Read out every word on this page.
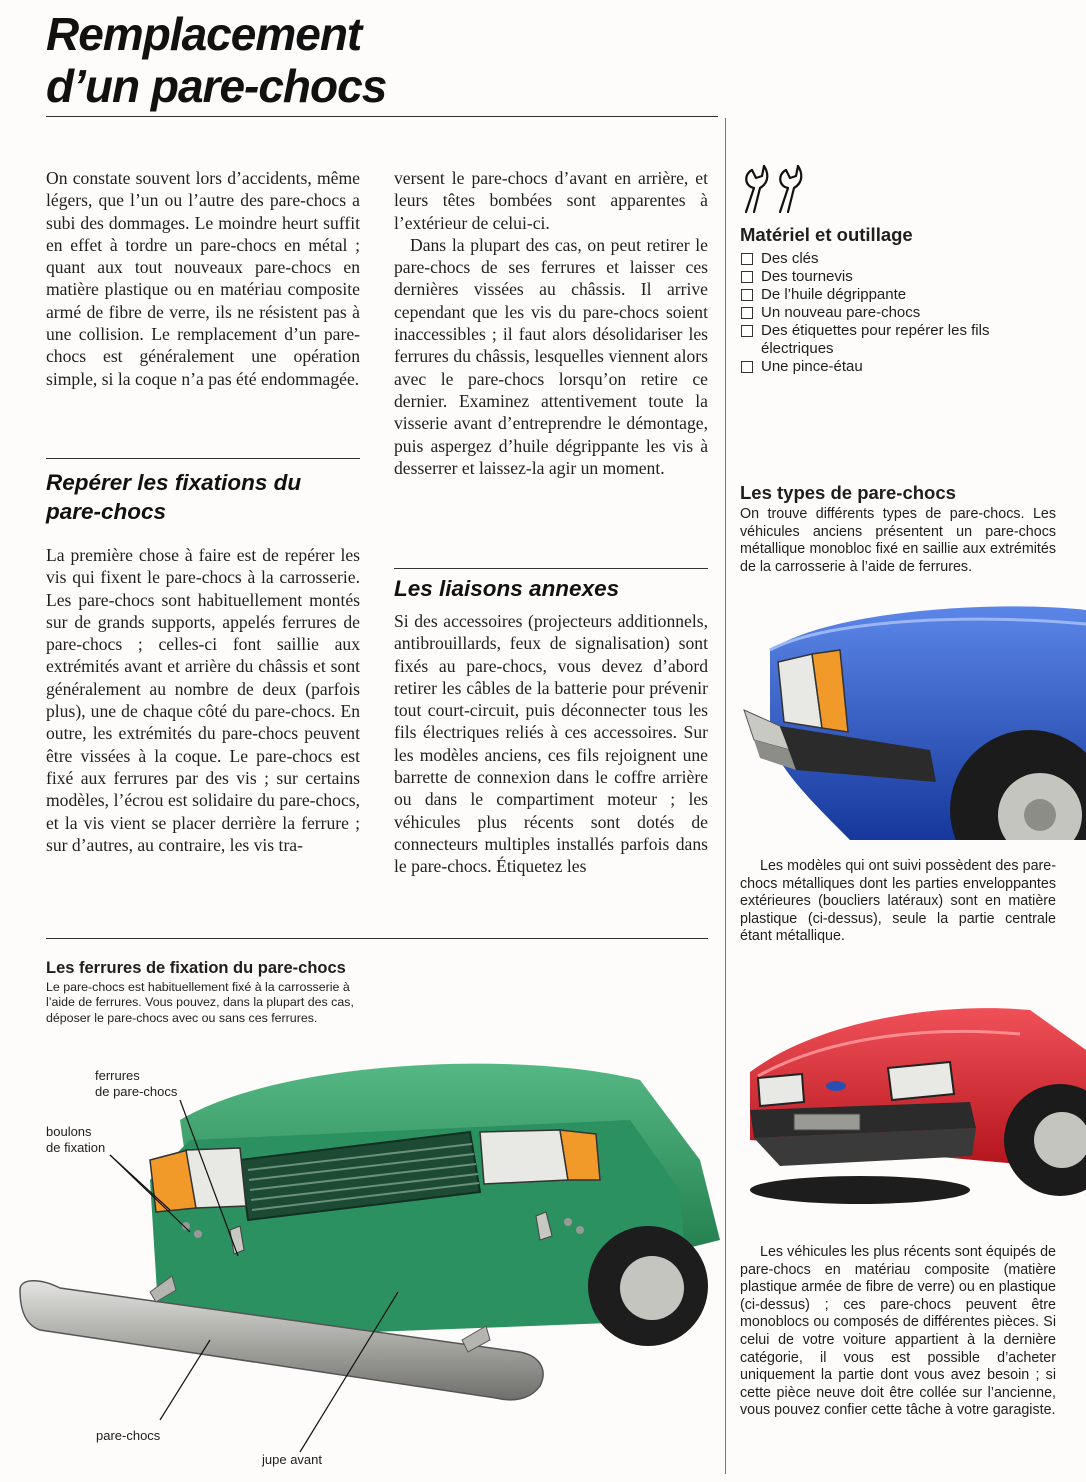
Remplacement
d’un pare-chocs

On constate souvent lors d’accidents, même légers, que l’un ou l’autre des pare-chocs a subi des dommages. Le moindre heurt suffit en effet à tordre un pare-chocs en métal ; quant aux tout nouveaux pare-chocs en matière plastique ou en matériau composite armé de fibre de verre, ils ne résistent pas à une collision. Le remplacement d’un pare-chocs est généralement une opération simple, si la coque n’a pas été endommagée.

Repérer les fixations du pare-chocs

La première chose à faire est de repérer les vis qui fixent le pare-chocs à la carrosserie. Les pare-chocs sont habituellement montés sur de grands supports, appelés ferrures de pare-chocs ; celles-ci font saillie aux extrémités avant et arrière du châssis et sont généralement au nombre de deux (parfois plus), une de chaque côté du pare-chocs. En outre, les extrémités du pare-chocs peuvent être vissées à la coque. Le pare-chocs est fixé aux ferrures par des vis ; sur certains modèles, l’écrou est solidaire du pare-chocs, et la vis vient se placer derrière la ferrure ; sur d’autres, au contraire, les vis tra-

versent le pare-chocs d’avant en arrière, et leurs têtes bombées sont apparentes à l’extérieur de celui-ci.

Dans la plupart des cas, on peut retirer le pare-chocs de ses ferrures et laisser ces dernières vissées au châssis. Il arrive cependant que les vis du pare-chocs soient inaccessibles ; il faut alors désolidariser les ferrures du châssis, lesquelles viennent alors avec le pare-chocs lorsqu’on retire ce dernier. Examinez attentivement toute la visserie avant d’entreprendre le démontage, puis aspergez d’huile dégrippante les vis à desserrer et laissez-la agir un moment.

Les liaisons annexes

Si des accessoires (projecteurs additionnels, antibrouillards, feux de signalisation) sont fixés au pare-chocs, vous devez d’abord retirer les câbles de la batterie pour prévenir tout court-circuit, puis déconnecter tous les fils électriques reliés à ces accessoires. Sur les modèles anciens, ces fils rejoignent une barrette de connexion dans le coffre arrière ou dans le compartiment moteur ; les véhicules plus récents sont dotés de connecteurs multiples installés parfois dans le pare-chocs. Étiquetez les

Matériel et outillage
Des clés
Des tournevis
De l’huile dégrippante
Un nouveau pare-chocs
Des étiquettes pour repérer les fils électriques
Une pince-étau
Les types de pare-chocs

On trouve différents types de pare-chocs. Les véhicules anciens présentent un pare-chocs métallique monobloc fixé en saillie aux extrémités de la carrosserie à l’aide de ferrures.

Les modèles qui ont suivi possèdent des pare-chocs métalliques dont les parties enveloppantes extérieures (boucliers latéraux) sont en matière plastique (ci-dessus), seule la partie centrale étant métallique.

Les véhicules les plus récents sont équipés de pare-chocs en matériau composite (matière plastique armée de fibre de verre) ou en plastique (ci-dessus) ; ces pare-chocs peuvent être monoblocs ou composés de différentes pièces. Si celui de votre voiture appartient à la dernière catégorie, il vous est possible d’acheter uniquement la partie dont vous avez besoin ; si cette pièce neuve doit être collée sur l’ancienne, vous pouvez confier cette tâche à votre garagiste.

Les ferrures de fixation du pare-chocs

Le pare-chocs est habituellement fixé à la carrosserie à l’aide de ferrures. Vous pouvez, dans la plupart des cas, déposer le pare-chocs avec ou sans ces ferrures.

ferrures
de pare-chocs
boulons
de fixation
pare-chocs
jupe avant
